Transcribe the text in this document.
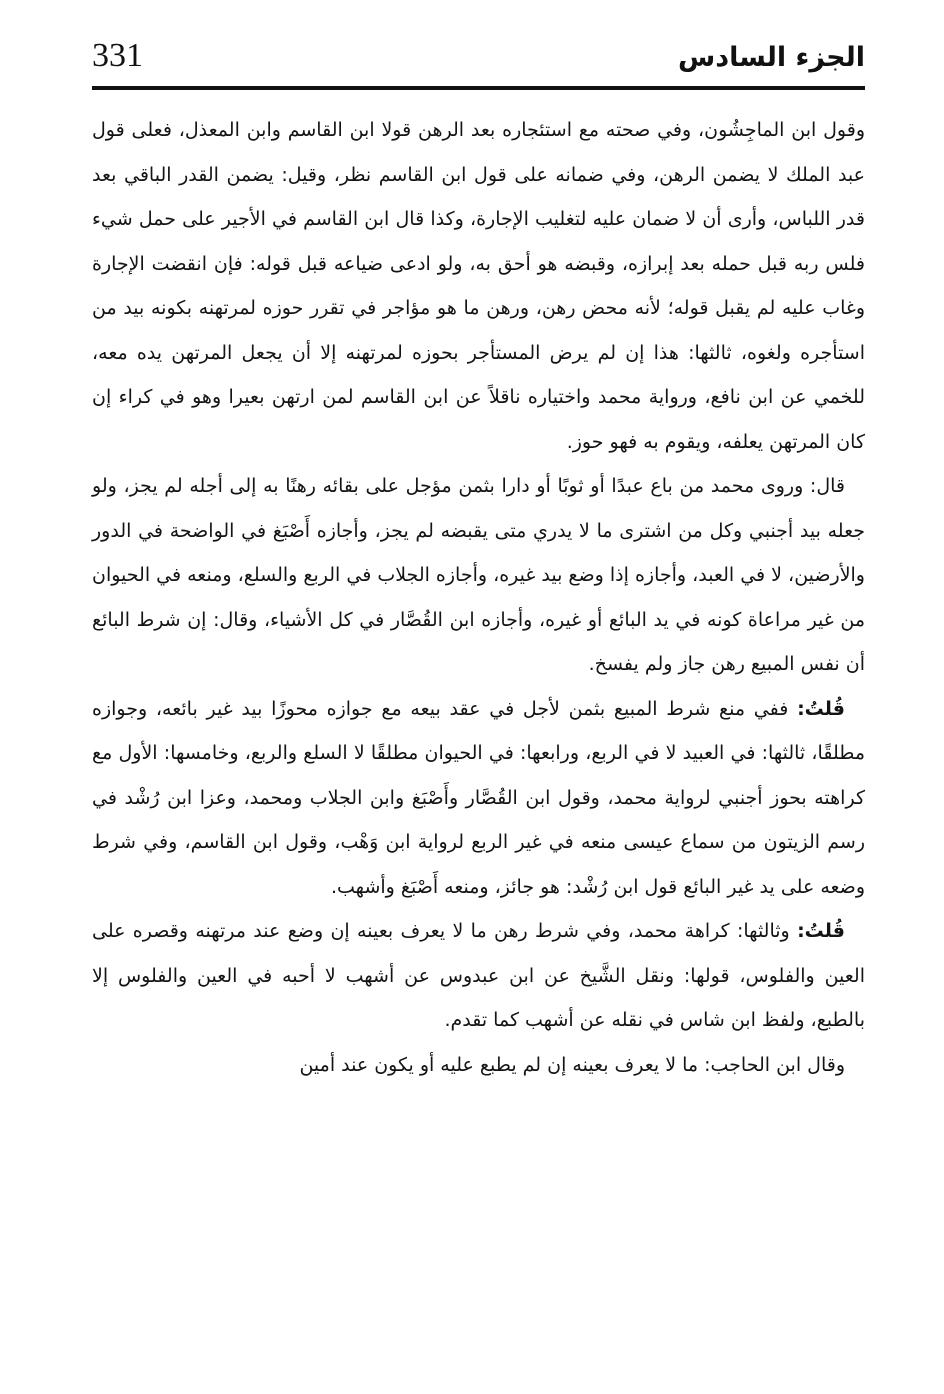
331	الجزء السادس

وقول ابن الماجِشُون، وفي صحته مع استئجاره بعد الرهن قولا ابن القاسم وابن المعذل، فعلى قول عبد الملك لا يضمن الرهن، وفي ضمانه على قول ابن القاسم نظر، وقيل: يضمن القدر الباقي بعد قدر اللباس، وأرى أن لا ضمان عليه لتغليب الإجارة، وكذا قال ابن القاسم في الأجير على حمل شيء فلس ربه قبل حمله بعد إبرازه، وقبضه هو أحق به، ولو ادعى ضياعه قبل قوله: فإن انقضت الإجارة وغاب عليه لم يقبل قوله؛ لأنه محض رهن، ورهن ما هو مؤاجر في تقرر حوزه لمرتهنه بكونه بيد من استأجره ولغوه، ثالثها: هذا إن لم يرض المستأجر بحوزه لمرتهنه إلا أن يجعل المرتهن يده معه، للخمي عن ابن نافع، ورواية محمد واختياره ناقلاً عن ابن القاسم لمن ارتهن بعيرا وهو في كراء إن كان المرتهن يعلفه، ويقوم به فهو حوز.

قال: وروى محمد من باع عبدًا أو ثوبًا أو دارا بثمن مؤجل على بقائه رهنًا به إلى أجله لم يجز، ولو جعله بيد أجنبي وكل من اشترى ما لا يدري متى يقبضه لم يجز، وأجازه أَصْبَغ في الواضحة في الدور والأرضين، لا في العبد، وأجازه إذا وضع بيد غيره، وأجازه الجلاب في الربع والسلع، ومنعه في الحيوان من غير مراعاة كونه في يد البائع أو غيره، وأجازه ابن القُصَّار في كل الأشياء، وقال: إن شرط البائع أن نفس المبيع رهن جاز ولم يفسخ.

قُلتُ: ففي منع شرط المبيع بثمن لأجل في عقد بيعه مع جوازه محوزًا بيد غير بائعه، وجوازه مطلقًا، ثالثها: في العبيد لا في الربع، ورابعها: في الحيوان مطلقًا لا السلع والربع، وخامسها: الأول مع كراهته بحوز أجنبي لرواية محمد، وقول ابن القُصَّار وأَصْبَغ وابن الجلاب ومحمد، وعزا ابن رُشْد في رسم الزيتون من سماع عيسى منعه في غير الربع لرواية ابن وَهْب، وقول ابن القاسم، وفي شرط وضعه على يد غير البائع قول ابن رُشْد: هو جائز، ومنعه أَصْبَغ وأشهب.

قُلتُ: وثالثها: كراهة محمد، وفي شرط رهن ما لا يعرف بعينه إن وضع عند مرتهنه وقصره على العين والفلوس، قولها: ونقل الشَّيخ عن ابن عبدوس عن أشهب لا أحبه في العين والفلوس إلا بالطبع، ولفظ ابن شاس في نقله عن أشهب كما تقدم.

وقال ابن الحاجب: ما لا يعرف بعينه إن لم يطبع عليه أو يكون عند أمين
